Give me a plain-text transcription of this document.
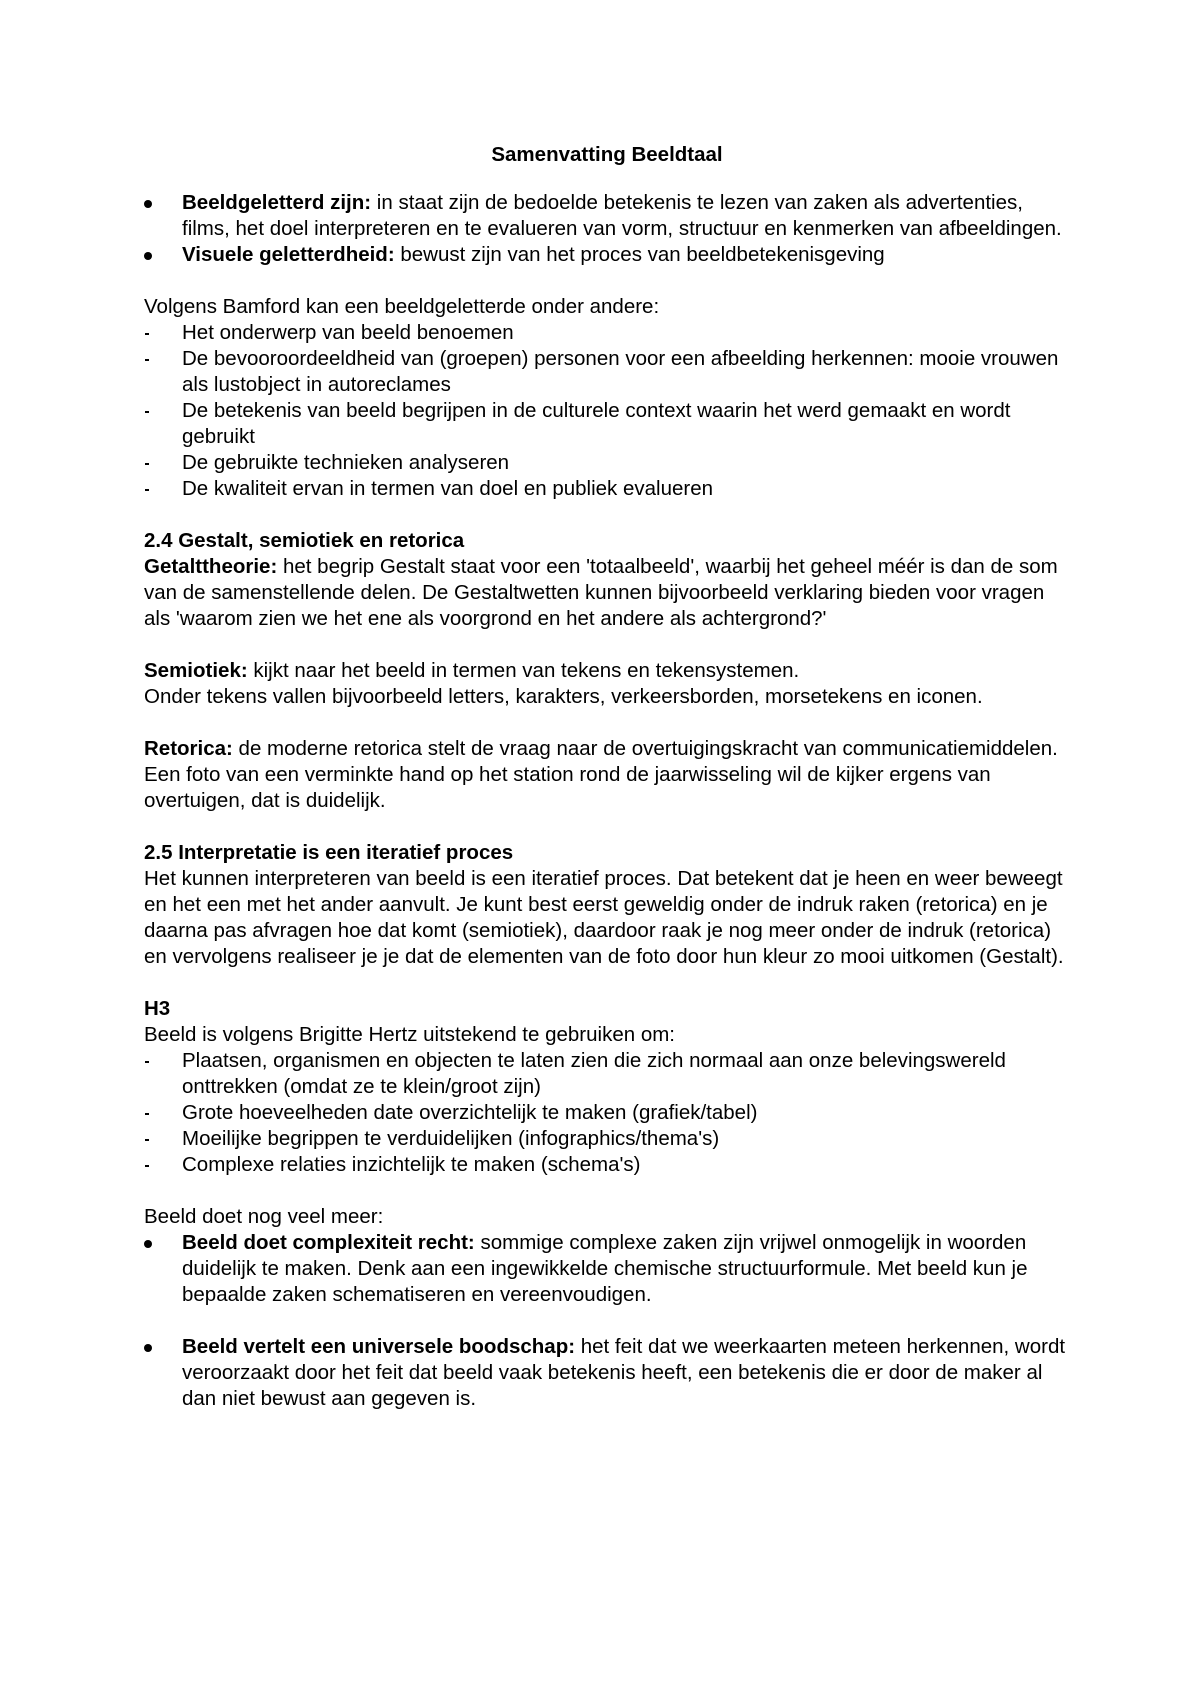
Samenvatting Beeldtaal
Beeldgeletterd zijn: in staat zijn de bedoelde betekenis te lezen van zaken als advertenties, films, het doel interpreteren en te evalueren van vorm, structuur en kenmerken van afbeeldingen.
Visuele geletterdheid: bewust zijn van het proces van beeldbetekenisgeving

Volgens Bamford kan een beeldgeletterde onder andere:

Het onderwerp van beeld benoemen
De bevooroordeeldheid van (groepen) personen voor een afbeelding herkennen: mooie vrouwen als lustobject in autoreclames
De betekenis van beeld begrijpen in de culturele context waarin het werd gemaakt en wordt gebruikt
De gebruikte technieken analyseren
De kwaliteit ervan in termen van doel en publiek evalueren

2.4 Gestalt, semiotiek en retorica

Getalttheorie: het begrip Gestalt staat voor een 'totaalbeeld', waarbij het geheel méér is dan de som van de samenstellende delen. De Gestaltwetten kunnen bijvoorbeeld verklaring bieden voor vragen als 'waarom zien we het ene als voorgrond en het andere als achtergrond?'

Semiotiek: kijkt naar het beeld in termen van tekens en tekensystemen.

Onder tekens vallen bijvoorbeeld letters, karakters, verkeersborden, morsetekens en iconen.

Retorica: de moderne retorica stelt de vraag naar de overtuigingskracht van communicatiemiddelen. Een foto van een verminkte hand op het station rond de jaarwisseling wil de kijker ergens van overtuigen, dat is duidelijk.

2.5 Interpretatie is een iteratief proces

Het kunnen interpreteren van beeld is een iteratief proces. Dat betekent dat je heen en weer beweegt en het een met het ander aanvult. Je kunt best eerst geweldig onder de indruk raken (retorica) en je daarna pas afvragen hoe dat komt (semiotiek), daardoor raak je nog meer onder de indruk (retorica) en vervolgens realiseer je je dat de elementen van de foto door hun kleur zo mooi uitkomen (Gestalt).

H3

Beeld is volgens Brigitte Hertz uitstekend te gebruiken om:

Plaatsen, organismen en objecten te laten zien die zich normaal aan onze belevingswereld onttrekken (omdat ze te klein/groot zijn)
Grote hoeveelheden date overzichtelijk te maken (grafiek/tabel)
Moeilijke begrippen te verduidelijken (infographics/thema's)
Complexe relaties inzichtelijk te maken (schema's)

Beeld doet nog veel meer:

Beeld doet complexiteit recht: sommige complexe zaken zijn vrijwel onmogelijk in woorden duidelijk te maken. Denk aan een ingewikkelde chemische structuurformule. Met beeld kun je bepaalde zaken schematiseren en vereenvoudigen.
Beeld vertelt een universele boodschap: het feit dat we weerkaarten meteen herkennen, wordt veroorzaakt door het feit dat beeld vaak betekenis heeft, een betekenis die er door de maker al dan niet bewust aan gegeven is.
